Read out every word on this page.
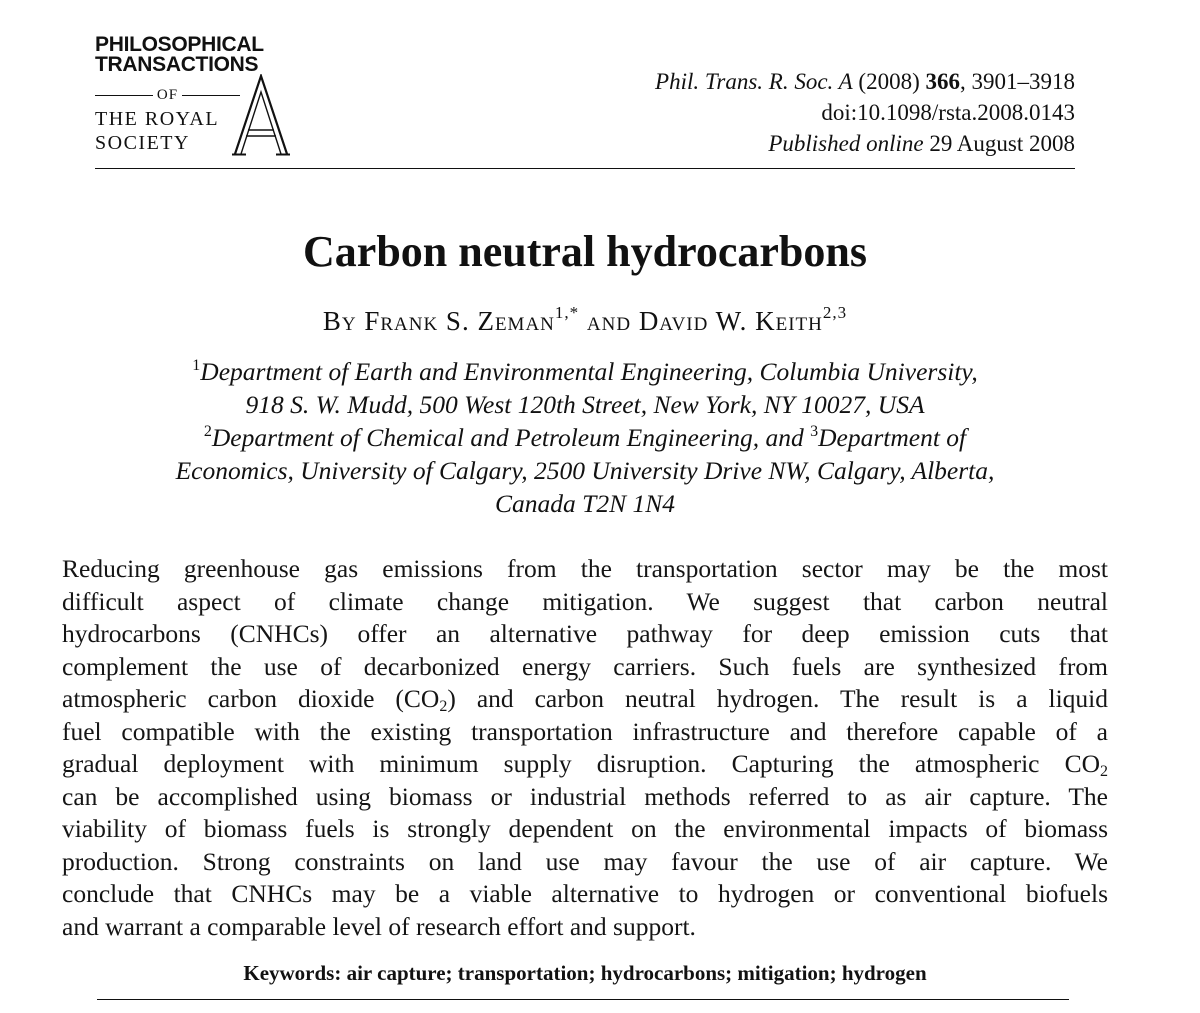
PHILOSOPHICAL
TRANSACTIONS
OF
THE ROYAL
SOCIETY
Phil. Trans. R. Soc. A (2008) 366, 3901–3918
doi:10.1098/rsta.2008.0143
Published online 29 August 2008
Carbon neutral hydrocarbons
By Frank S. Zeman$^{1,*}$ and David W. Keith$^{2,3}$
$^1$Department of Earth and Environmental Engineering, Columbia University,
918 S. W. Mudd, 500 West 120th Street, New York, NY 10027, USA
$^2$Department of Chemical and Petroleum Engineering, and $^3$Department of
Economics, University of Calgary, 2500 University Drive NW, Calgary, Alberta,
Canada T2N 1N4
Reducing greenhouse gas emissions from the transportation sector may be the most
difficult aspect of climate change mitigation. We suggest that carbon neutral
hydrocarbons (CNHCs) offer an alternative pathway for deep emission cuts that
complement the use of decarbonized energy carriers. Such fuels are synthesized from
atmospheric carbon dioxide $(CO_2)$ and carbon neutral hydrogen. The result is a liquid
fuel compatible with the existing transportation infrastructure and therefore capable of a
gradual deployment with minimum supply disruption. Capturing the atmospheric $CO_2$
can be accomplished using biomass or industrial methods referred to as air capture. The
viability of biomass fuels is strongly dependent on the environmental impacts of biomass
production. Strong constraints on land use may favour the use of air capture. We
conclude that CNHCs may be a viable alternative to hydrogen or conventional biofuels
and warrant a comparable level of research effort and support.
Keywords: air capture; transportation; hydrocarbons; mitigation; hydrogen
